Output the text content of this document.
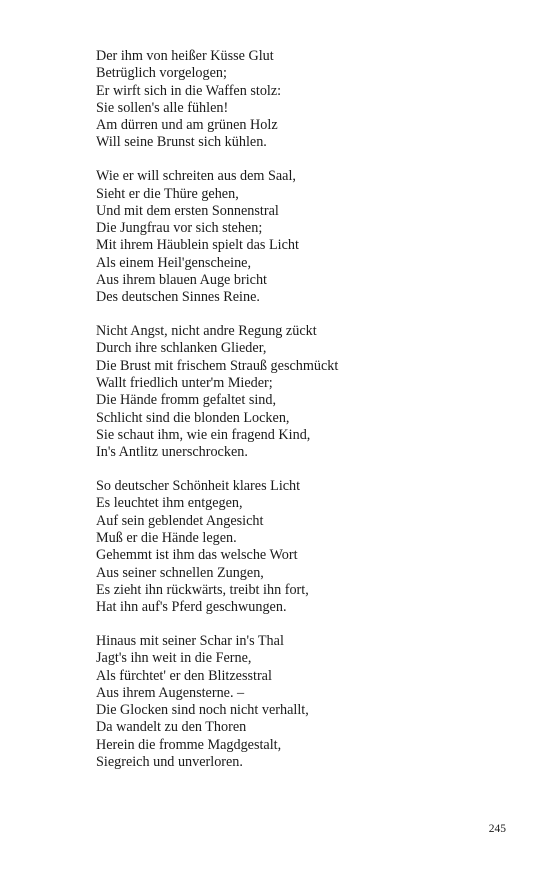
Der ihm von heißer Küsse Glut
Betrüglich vorgelogen;
Er wirft sich in die Waffen stolz:
Sie sollen's alle fühlen!
Am dürren und am grünen Holz
Will seine Brunst sich kühlen.
Wie er will schreiten aus dem Saal,
Sieht er die Thüre gehen,
Und mit dem ersten Sonnenstral
Die Jungfrau vor sich stehen;
Mit ihrem Häublein spielt das Licht
Als einem Heil'genscheine,
Aus ihrem blauen Auge bricht
Des deutschen Sinnes Reine.
Nicht Angst, nicht andre Regung zückt
Durch ihre schlanken Glieder,
Die Brust mit frischem Strauß geschmückt
Wallt friedlich unter'm Mieder;
Die Hände fromm gefaltet sind,
Schlicht sind die blonden Locken,
Sie schaut ihm, wie ein fragend Kind,
In's Antlitz unerschrocken.
So deutscher Schönheit klares Licht
Es leuchtet ihm entgegen,
Auf sein geblendet Angesicht
Muß er die Hände legen.
Gehemmt ist ihm das welsche Wort
Aus seiner schnellen Zungen,
Es zieht ihn rückwärts, treibt ihn fort,
Hat ihn auf's Pferd geschwungen.
Hinaus mit seiner Schar in's Thal
Jagt's ihn weit in die Ferne,
Als fürchtet' er den Blitzesstral
Aus ihrem Augensterne. –
Die Glocken sind noch nicht verhallt,
Da wandelt zu den Thoren
Herein die fromme Magdgestalt,
Siegreich und unverloren.
245
